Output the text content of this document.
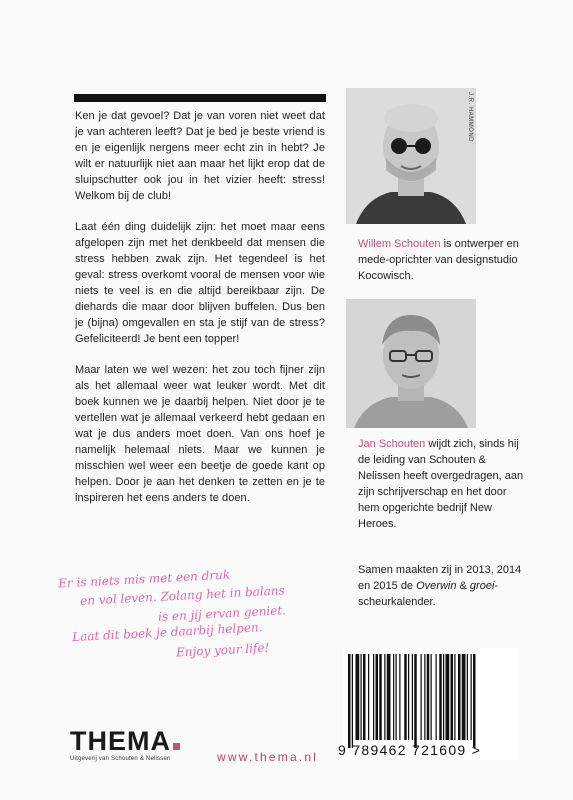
Ken je dat gevoel? Dat je van voren niet weet dat je van achteren leeft? Dat je bed je beste vriend is en je eigenlijk nergens meer echt zin in hebt? Je wilt er natuurlijk niet aan maar het lijkt erop dat de sluipschutter ook jou in het vizier heeft: stress! Welkom bij de club!

Laat één ding duidelijk zijn: het moet maar eens afgelopen zijn met het denkbeeld dat mensen die stress hebben zwak zijn. Het tegendeel is het geval: stress overkomt vooral de mensen voor wie niets te veel is en die altijd bereikbaar zijn. De diehards die maar door blijven buffelen. Dus ben je (bijna) omgevallen en sta je stijf van de stress? Gefeliciteerd! Je bent een topper!

Maar laten we wel wezen: het zou toch fijner zijn als het allemaal weer wat leuker wordt. Met dit boek kunnen we je daarbij helpen. Niet door je te vertellen wat je allemaal verkeerd hebt gedaan en wat je dus anders moet doen. Van ons hoef je namelijk helemaal niets. Maar we kunnen je misschien wel weer een beetje de goede kant op helpen. Door je aan het denken te zetten en je te inspireren het eens anders te doen.

J.R. HAMMOND
Willem Schouten is ontwerper en mede-oprichter van designstudio Kocowisch.
Jan Schouten wijdt zich, sinds hij de leiding van Schouten & Nelissen heeft overgedragen, aan zijn schrijverschap en het door hem opgerichte bedrijf New Heroes.
Samen maakten zij in 2013, 2014 en 2015 de Overwin & groei-scheurkalender.
Er is niets mis met een druk
en vol leven. Zolang het in balans
is en jij ervan geniet.
Laat dit boek je daarbij helpen.
Enjoy your life!
THEMA
Uitgeverij van Schouten & Nelissen	www.thema.nl 9 789462 721609 >
